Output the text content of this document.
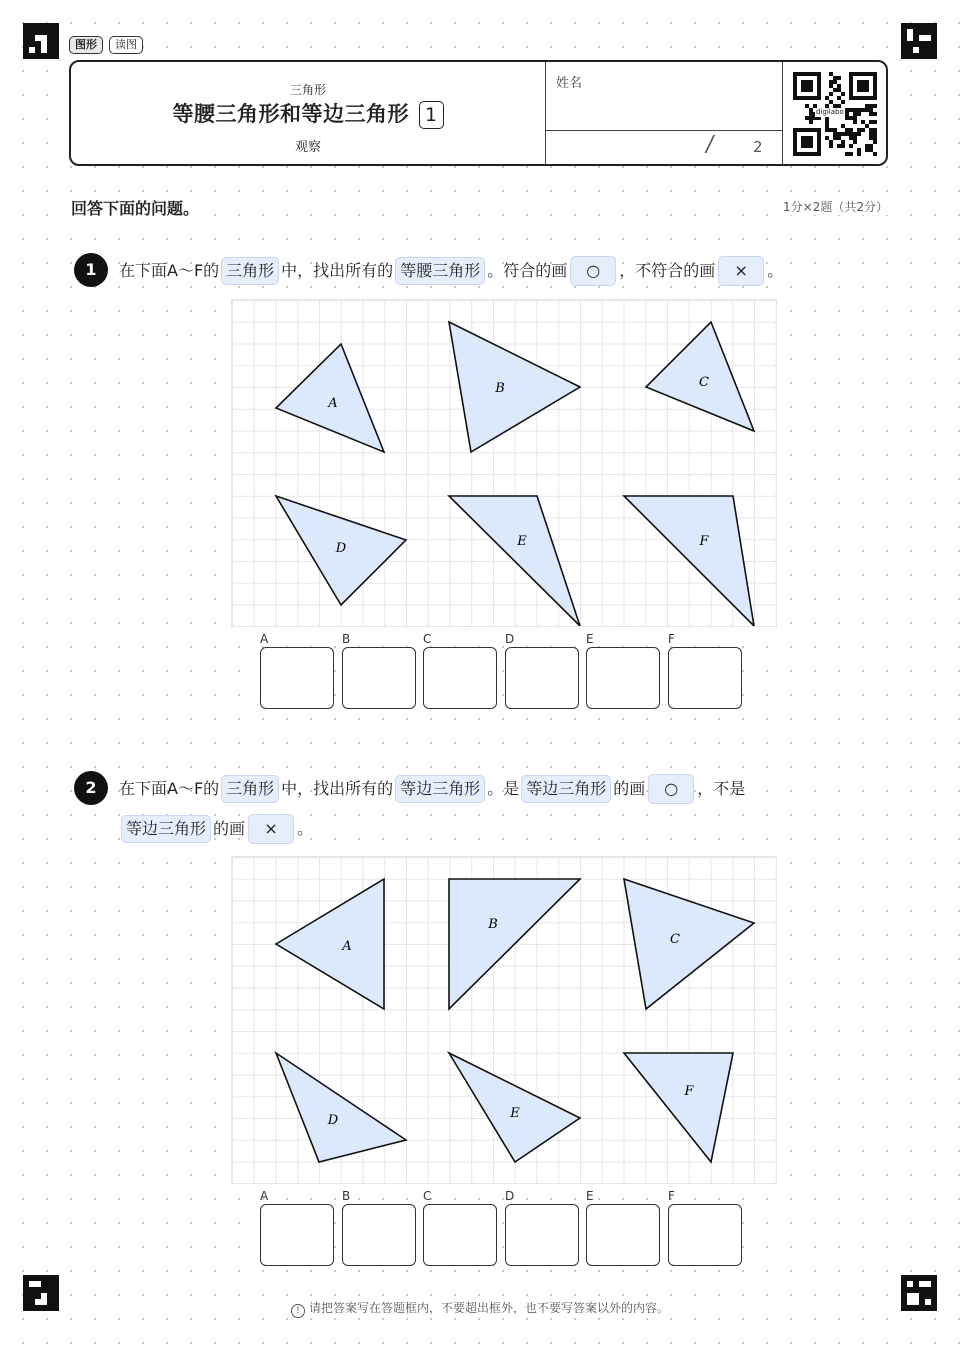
图形	读图
三角形
等腰三角形和等边三角形 1
观察
姓名
/ 2
digilabo
回答下面的问题。	1分×2题（共2分）
1	在下面A～F的 三角形 中，找出所有的 等腰三角形 。符合的画 ○ ，不符合的画 × 。
A
B	C
D	E	F
A	B	C	D	E	F
2	在下面A～F的 三角形 中，找出所有的 等边三角形 。是 等边三角形 的画 ○ ，不是
等边三角形 的画 × 。
A
B
C
D	E
F
A	B	C	D	E	F
! 请把答案写在答题框内，不要超出框外，也不要写答案以外的内容。
